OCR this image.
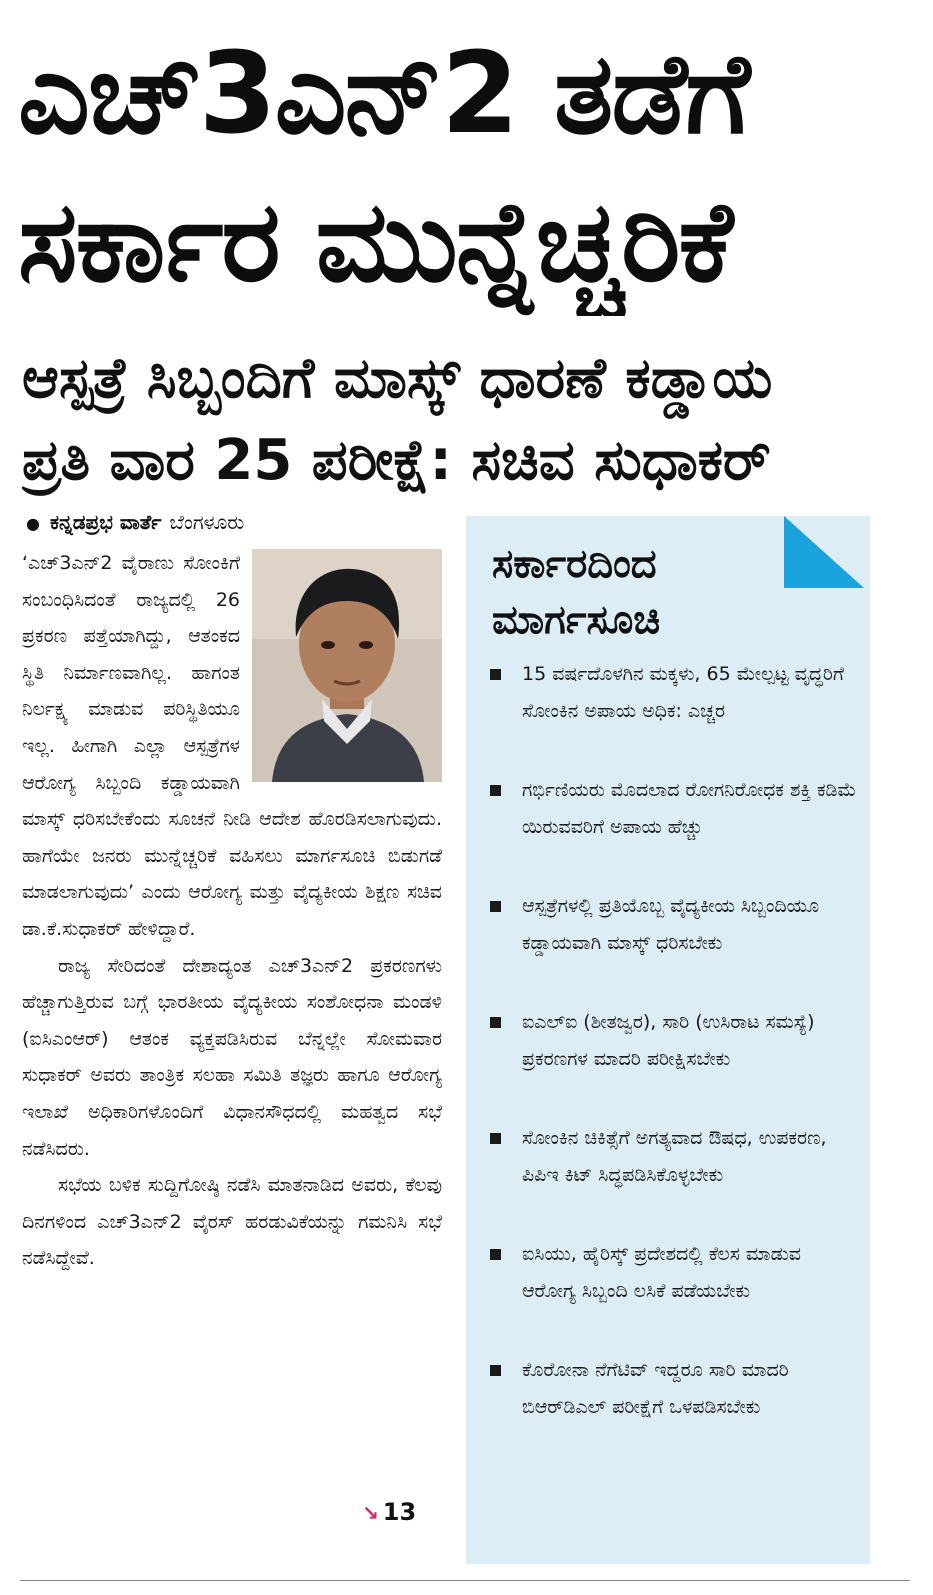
ಎಚ್3ಎನ್2 ತಡೆಗೆ
ಸರ್ಕಾರ ಮುನ್ನೆಚ್ಚರಿಕೆ
ಆಸ್ಪತ್ರೆ ಸಿಬ್ಬಂದಿಗೆ ಮಾಸ್ಕ್ ಧಾರಣೆ ಕಡ್ಡಾಯ
ಪ್ರತಿ ವಾರ 25 ಪರೀಕ್ಷೆ: ಸಚಿವ ಸುಧಾಕರ್
● ಕನ್ನಡಪ್ರಭ ವಾರ್ತೆ ಬೆಂಗಳೂರು

‘ಎಚ್3ಎನ್2 ವೈರಾಣು ಸೋಂಕಿಗೆ ಸಂಬಂಧಿಸಿದಂತೆ ರಾಜ್ಯದಲ್ಲಿ 26 ಪ್ರಕರಣ ಪತ್ತೆಯಾಗಿದ್ದು, ಆತಂಕದ ಸ್ಥಿತಿ ನಿರ್ಮಾಣವಾಗಿಲ್ಲ. ಹಾಗಂತ ನಿರ್ಲಕ್ಷ್ಯ ಮಾಡುವ ಪರಿಸ್ಥಿತಿಯೂ ಇಲ್ಲ. ಹೀಗಾಗಿ ಎಲ್ಲಾ ಆಸ್ಪತ್ರೆಗಳ ಆರೋಗ್ಯ ಸಿಬ್ಬಂದಿ ಕಡ್ಡಾಯವಾಗಿ ಮಾಸ್ಕ್ ಧರಿಸಬೇಕೆಂದು ಸೂಚನೆ ನೀಡಿ ಆದೇಶ ಹೊರಡಿಸಲಾಗುವುದು. ಹಾಗೆಯೇ ಜನರು ಮುನ್ನೆಚ್ಚರಿಕೆ ವಹಿಸಲು ಮಾರ್ಗಸೂಚಿ ಬಿಡುಗಡೆ ಮಾಡಲಾಗುವುದು’ ಎಂದು ಆರೋಗ್ಯ ಮತ್ತು ವೈದ್ಯಕೀಯ ಶಿಕ್ಷಣ ಸಚಿವ ಡಾ.ಕೆ.ಸುಧಾಕರ್ ಹೇಳಿದ್ದಾರೆ.

ರಾಜ್ಯ ಸೇರಿದಂತೆ ದೇಶಾದ್ಯಂತ ಎಚ್3ಎನ್2 ಪ್ರಕರಣಗಳು ಹೆಚ್ಚಾಗುತ್ತಿರುವ ಬಗ್ಗೆ ಭಾರತೀಯ ವೈದ್ಯಕೀಯ ಸಂಶೋಧನಾ ಮಂಡಳಿ (ಐಸಿಎಂಆರ್) ಆತಂಕ ವ್ಯಕ್ತಪಡಿಸಿರುವ ಬೆನ್ನಲ್ಲೇ ಸೋಮವಾರ ಸುಧಾಕರ್ ಅವರು ತಾಂತ್ರಿಕ ಸಲಹಾ ಸಮಿತಿ ತಜ್ಞರು ಹಾಗೂ ಆರೋಗ್ಯ ಇಲಾಖೆ ಅಧಿಕಾರಿಗಳೊಂದಿಗೆ ವಿಧಾನಸೌಧದಲ್ಲಿ ಮಹತ್ವದ ಸಭೆ ನಡೆಸಿದರು.

ಸಭೆಯ ಬಳಿಕ ಸುದ್ದಿಗೋಷ್ಠಿ ನಡೆಸಿ ಮಾತನಾಡಿದ ಅವರು, ಕೆಲವು ದಿನಗಳಿಂದ ಎಚ್3ಎನ್2 ವೈರಸ್ ಹರಡುವಿಕೆಯನ್ನು ಗಮನಿಸಿ ಸಭೆ ನಡೆಸಿದ್ದೇವೆ.

↘ 13
ಸರ್ಕಾರದಿಂದ ಮಾರ್ಗಸೂಚಿ
15 ವರ್ಷದೊಳಗಿನ ಮಕ್ಕಳು, 65 ಮೇಲ್ಪಟ್ಟ ವೃದ್ಧರಿಗೆ ಸೋಂಕಿನ ಅಪಾಯ ಅಧಿಕ: ಎಚ್ಚರ
ಗರ್ಭಿಣಿಯರು ಮೊದಲಾದ ರೋಗನಿರೋಧಕ ಶಕ್ತಿ ಕಡಿಮೆ ಯಿರುವವರಿಗೆ ಅಪಾಯ ಹೆಚ್ಚು
ಆಸ್ಪತ್ರೆಗಳಲ್ಲಿ ಪ್ರತಿಯೊಬ್ಬ ವೈದ್ಯಕೀಯ ಸಿಬ್ಬಂದಿಯೂ ಕಡ್ಡಾಯವಾಗಿ ಮಾಸ್ಕ್ ಧರಿಸಬೇಕು
ಐಎಲ್ಐ (ಶೀತಜ್ವರ), ಸಾರಿ (ಉಸಿರಾಟ ಸಮಸ್ಯೆ) ಪ್ರಕರಣಗಳ ಮಾದರಿ ಪರೀಕ್ಷಿಸಬೇಕು
ಸೋಂಕಿನ ಚಿಕಿತ್ಸೆಗೆ ಅಗತ್ಯವಾದ ಔಷಧ, ಉಪಕರಣ, ಪಿಪಿಇ ಕಿಟ್ ಸಿದ್ಧಪಡಿಸಿಕೊಳ್ಳಬೇಕು
ಐಸಿಯು, ಹೈರಿಸ್ಕ್ ಪ್ರದೇಶದಲ್ಲಿ ಕೆಲಸ ಮಾಡುವ ಆರೋಗ್ಯ ಸಿಬ್ಬಂದಿ ಲಸಿಕೆ ಪಡೆಯಬೇಕು
ಕೊರೋನಾ ನೆಗೆಟಿವ್ ಇದ್ದರೂ ಸಾರಿ ಮಾದರಿ ಬಿಆರ್‌ಡಿಎಲ್ ಪರೀಕ್ಷೆಗೆ ಒಳಪಡಿಸಬೇಕು
